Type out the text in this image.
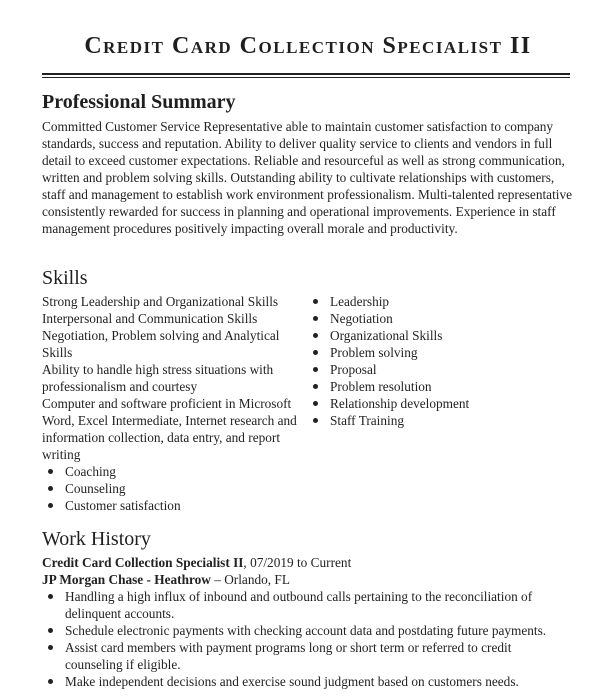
Credit Card Collection Specialist II
Professional Summary

Committed Customer Service Representative able to maintain customer satisfaction to company standards, success and reputation. Ability to deliver quality service to clients and vendors in full detail to exceed customer expectations. Reliable and resourceful as well as strong communication, written and problem solving skills. Outstanding ability to cultivate relationships with customers, staff and management to establish work environment professionalism. Multi-talented representative consistently rewarded for success in planning and operational improvements. Experience in staff management procedures positively impacting overall morale and productivity.

Skills

Strong Leadership and Organizational Skills

Interpersonal and Communication Skills

Negotiation, Problem solving and Analytical Skills

Ability to handle high stress situations with professionalism and courtesy

Computer and software proficient in Microsoft Word, Excel Intermediate, Internet research and information collection, data entry, and report writing

Coaching
Counseling
Customer satisfaction
Leadership
Negotiation
Organizational Skills
Problem solving
Proposal
Problem resolution
Relationship development
Staff Training
Work History

Credit Card Collection Specialist II, 07/2019 to Current

JP Morgan Chase - Heathrow – Orlando, FL

Handling a high influx of inbound and outbound calls pertaining to the reconciliation of delinquent accounts.
Schedule electronic payments with checking account data and postdating future payments.
Assist card members with payment programs long or short term or referred to credit counseling if eligible.
Make independent decisions and exercise sound judgment based on customers needs.
